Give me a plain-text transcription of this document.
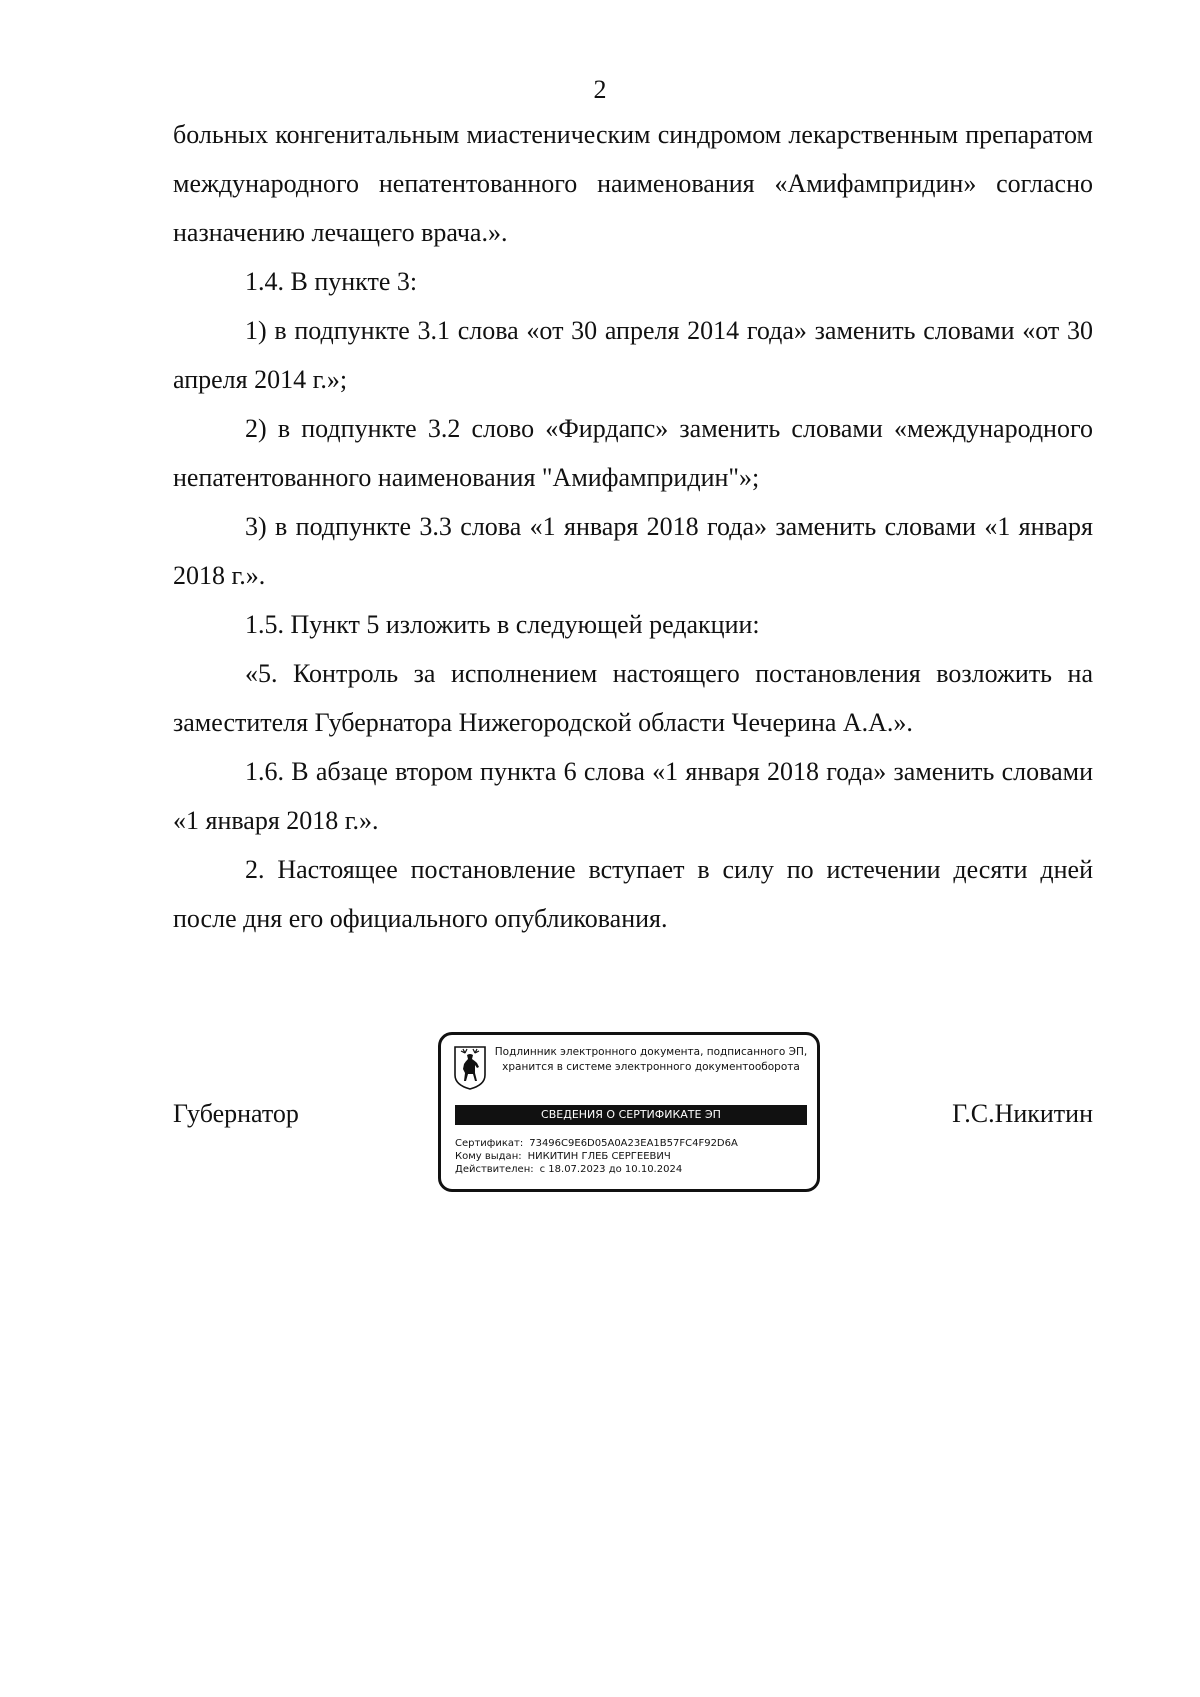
2

больных конгенитальным миастеническим синдромом лекарственным препаратом международного непатентованного наименования «Амифампридин» согласно назначению лечащего врача.».

1.4. В пункте 3:

1) в подпункте 3.1 слова «от 30 апреля 2014 года» заменить словами «от 30 апреля 2014 г.»;

2) в подпункте 3.2 слово «Фирдапс» заменить словами «международного непатентованного наименования "Амифампридин"»;

3) в подпункте 3.3 слова «1 января 2018 года» заменить словами «1 января 2018 г.».

1.5. Пункт 5 изложить в следующей редакции:

«5. Контроль за исполнением настоящего постановления возложить на заместителя Губернатора Нижегородской области Чечерина А.А.».

1.6. В абзаце втором пункта 6 слова «1 января 2018 года» заменить словами «1 января 2018 г.».

2. Настоящее постановление вступает в силу по истечении десяти дней после дня его официального опубликования.

Губернатор
Подлинник электронного документа, подписанного ЭП,
хранится в системе электронного документооборота
СВЕДЕНИЯ О СЕРТИФИКАТЕ ЭП
Сертификат: 73496C9E6D05A0A23EA1B57FC4F92D6A
Кому выдан: НИКИТИН ГЛЕБ СЕРГЕЕВИЧ
Действителен: с 18.07.2023 до 10.10.2024
Г.С.Никитин
